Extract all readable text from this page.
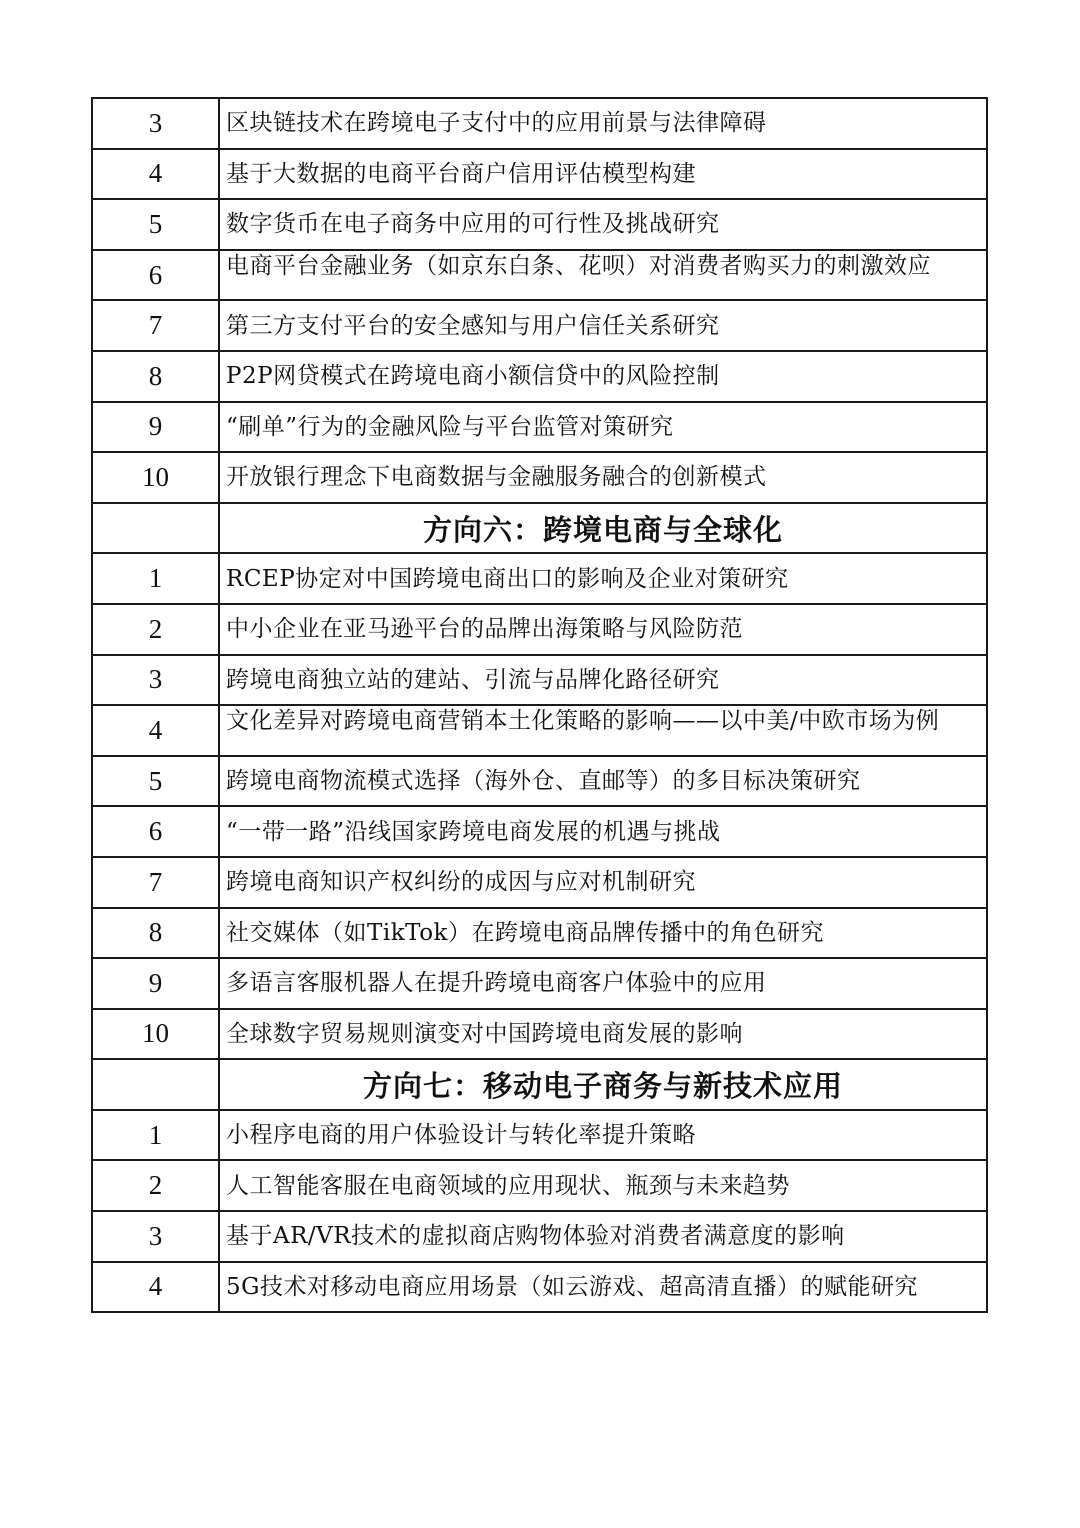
3	区块链技术在跨境电子支付中的应用前景与法律障碍
4	基于大数据的电商平台商户信用评估模型构建
5	数字货币在电子商务中应用的可行性及挑战研究
6	电商平台金融业务（如京东白条、花呗）对消费者购买力的刺激效应
7	第三方支付平台的安全感知与用户信任关系研究
8	P2P网贷模式在跨境电商小额信贷中的风险控制
9	“刷单”行为的金融风险与平台监管对策研究
10	开放银行理念下电商数据与金融服务融合的创新模式
	方向六：跨境电商与全球化
1	RCEP协定对中国跨境电商出口的影响及企业对策研究
2	中小企业在亚马逊平台的品牌出海策略与风险防范
3	跨境电商独立站的建站、引流与品牌化路径研究
4	文化差异对跨境电商营销本土化策略的影响——以中美/中欧市场为例
5	跨境电商物流模式选择（海外仓、直邮等）的多目标决策研究
6	“一带一路”沿线国家跨境电商发展的机遇与挑战
7	跨境电商知识产权纠纷的成因与应对机制研究
8	社交媒体（如TikTok）在跨境电商品牌传播中的角色研究
9	多语言客服机器人在提升跨境电商客户体验中的应用
10	全球数字贸易规则演变对中国跨境电商发展的影响
	方向七：移动电子商务与新技术应用
1	小程序电商的用户体验设计与转化率提升策略
2	人工智能客服在电商领域的应用现状、瓶颈与未来趋势
3	基于AR/VR技术的虚拟商店购物体验对消费者满意度的影响
4	5G技术对移动电商应用场景（如云游戏、超高清直播）的赋能研究
